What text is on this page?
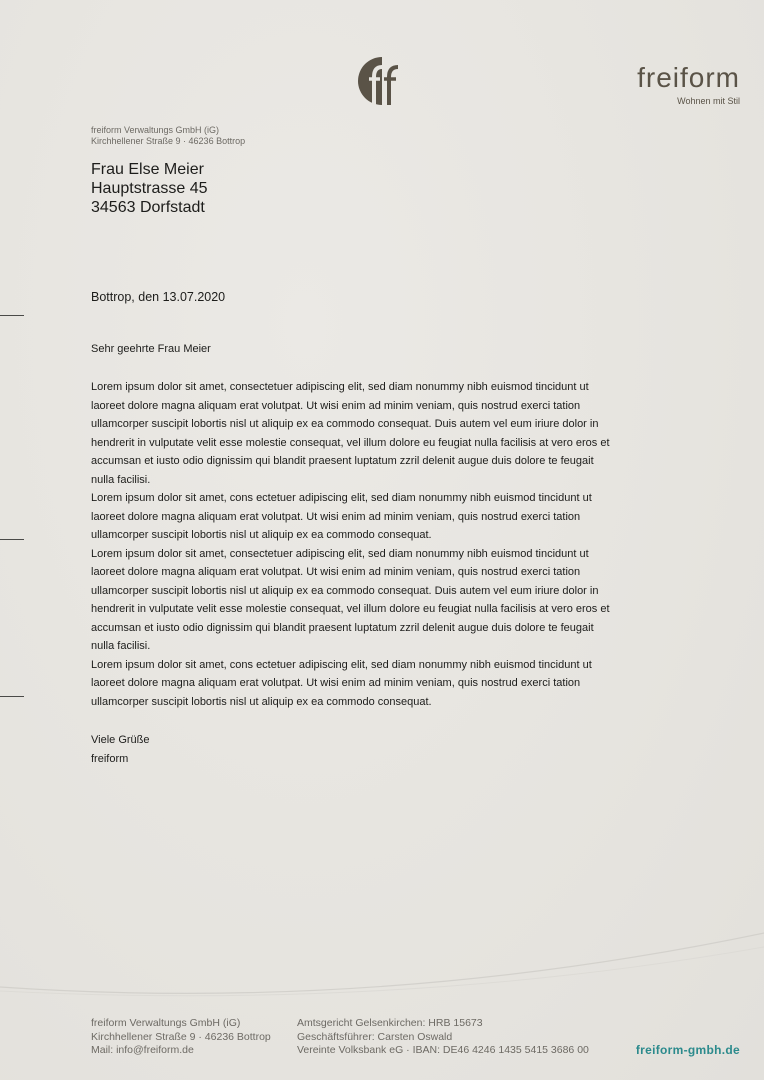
freiform
Wohnen mit Stil
freiform Verwaltungs GmbH (iG)
Kirchhellener Straße 9 · 46236 Bottrop
Frau Else Meier
Hauptstrasse 45
34563 Dorfstadt
Bottrop, den 13.07.2020
Sehr geehrte Frau Meier

Lorem ipsum dolor sit amet, consectetuer adipiscing elit, sed diam nonummy nibh euismod tincidunt ut laoreet dolore magna aliquam erat volutpat. Ut wisi enim ad minim veniam, quis nostrud exerci tation ullamcorper suscipit lobortis nisl ut aliquip ex ea commodo consequat. Duis autem vel eum iriure dolor in hendrerit in vulputate velit esse molestie consequat, vel illum dolore eu feugiat nulla facilisis at vero eros et accumsan et iusto odio dignissim qui blandit praesent luptatum zzril delenit augue duis dolore te feugait nulla facilisi.

Lorem ipsum dolor sit amet, cons ectetuer adipiscing elit, sed diam nonummy nibh euismod tincidunt ut laoreet dolore magna aliquam erat volutpat. Ut wisi enim ad minim veniam, quis nostrud exerci tation ullamcorper suscipit lobortis nisl ut aliquip ex ea commodo consequat.

Lorem ipsum dolor sit amet, consectetuer adipiscing elit, sed diam nonummy nibh euismod tincidunt ut laoreet dolore magna aliquam erat volutpat. Ut wisi enim ad minim veniam, quis nostrud exerci tation ullamcorper suscipit lobortis nisl ut aliquip ex ea commodo consequat. Duis autem vel eum iriure dolor in hendrerit in vulputate velit esse molestie consequat, vel illum dolore eu feugiat nulla facilisis at vero eros et accumsan et iusto odio dignissim qui blandit praesent luptatum zzril delenit augue duis dolore te feugait nulla facilisi.

Lorem ipsum dolor sit amet, cons ectetuer adipiscing elit, sed diam nonummy nibh euismod tincidunt ut laoreet dolore magna aliquam erat volutpat. Ut wisi enim ad minim veniam, quis nostrud exerci tation ullamcorper suscipit lobortis nisl ut aliquip ex ea commodo consequat.

Viele Grüße
freiform
freiform Verwaltungs GmbH (iG)
Kirchhellener Straße 9 · 46236 Bottrop
Mail: info@freiform.de
Amtsgericht Gelsenkirchen: HRB 15673
Geschäftsführer: Carsten Oswald
Vereinte Volksbank eG · IBAN: DE46 4246 1435 5415 3686 00	freiform-gmbh.de
